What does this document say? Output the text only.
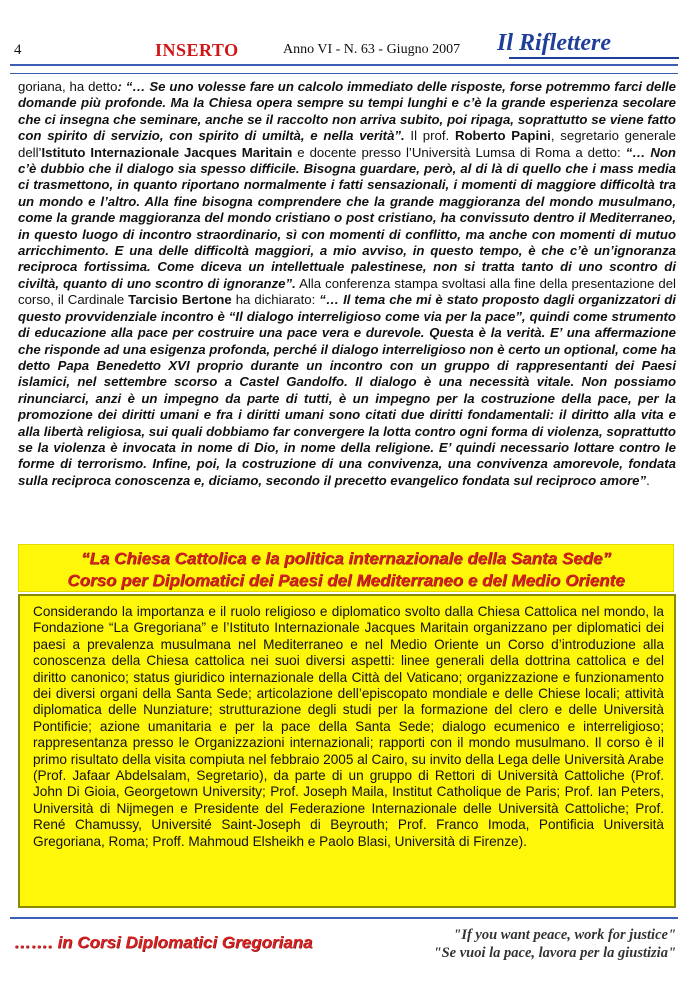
4	INSERTO	Anno VI - N. 63 - Giugno 2007 Il Riflettere
goriana, ha detto: “… Se uno volesse fare un calcolo immediato delle risposte, forse potremmo farci delle domande più profonde. Ma la Chiesa opera sempre su tempi lunghi e c’è la grande esperienza secolare che ci insegna che seminare, anche se il raccolto non arriva subito, poi ripaga, soprattutto se viene fatto con spirito di servizio, con spirito di umiltà, e nella verità”. Il prof. Roberto Papini, segretario generale dell’Istituto Internazionale Jacques Maritain e docente presso l’Università Lumsa di Roma a detto: “… Non c’è dubbio che il dialogo sia spesso difficile. Bisogna guardare, però, al di là di quello che i mass media ci trasmettono, in quanto riportano normalmente i fatti sensazionali, i momenti di maggiore difficoltà tra un mondo e l’altro. Alla fine bisogna comprendere che la grande maggioranza del mondo musulmano, come la grande maggioranza del mondo cristiano o post cristiano, ha convissuto dentro il Mediterraneo, in questo luogo di incontro straordinario, sì con momenti di conflitto, ma anche con momenti di mutuo arricchimento. E una delle difficoltà maggiori, a mio avviso, in questo tempo, è che c’è un’ignoranza reciproca fortissima. Come diceva un intellettuale palestinese, non si tratta tanto di uno scontro di civiltà, quanto di uno scontro di ignoranze”. Alla conferenza stampa svoltasi alla fine della presentazione del corso, il Cardinale Tarcisio Bertone ha dichiarato: “… Il tema che mi è stato proposto dagli organizzatori di questo provvidenziale incontro è “Il dialogo interreligioso come via per la pace”, quindi come strumento di educazione alla pace per costruire una pace vera e durevole. Questa è la verità. E’ una affermazione che risponde ad una esigenza profonda, perché il dialogo interreligioso non è certo un optional, come ha detto Papa Benedetto XVI proprio durante un incontro con un gruppo di rappresentanti dei Paesi islamici, nel settembre scorso a Castel Gandolfo. Il dialogo è una necessità vitale. Non possiamo rinunciarci, anzi è un impegno da parte di tutti, è un impegno per la costruzione della pace, per la promozione dei diritti umani e fra i diritti umani sono citati due diritti fondamentali: il diritto alla vita e alla libertà religiosa, sui quali dobbiamo far convergere la lotta contro ogni forma di violenza, soprattutto se la violenza è invocata in nome di Dio, in nome della religione. E’ quindi necessario lottare contro le forme di terrorismo. Infine, poi, la costruzione di una convivenza, una convivenza amorevole, fondata sulla reciproca conoscenza e, diciamo, secondo il precetto evangelico fondata sul reciproco amore”.
“La Chiesa Cattolica e la politica internazionale della Santa Sede”
Corso per Diplomatici dei Paesi del Mediterraneo e del Medio Oriente
Considerando la importanza e il ruolo religioso e diplomatico svolto dalla Chiesa Cattolica nel mondo, la Fondazione “La Gregoriana” e l’Istituto Internazionale Jacques Maritain organizzano per diplomatici dei paesi a prevalenza musulmana nel Mediterraneo e nel Medio Oriente un Corso d’introduzione alla conoscenza della Chiesa cattolica nei suoi diversi aspetti: linee generali della dottrina cattolica e del diritto canonico; status giuridico internazionale della Città del Vaticano; organizzazione e funzionamento dei diversi organi della Santa Sede; articolazione dell’episcopato mondiale e delle Chiese locali; attività diplomatica delle Nunziature; strutturazione degli studi per la formazione del clero e delle Università Pontificie; azione umanitaria e per la pace della Santa Sede; dialogo ecumenico e interreligioso; rappresentanza presso le Organizzazioni internazionali; rapporti con il mondo musulmano. Il corso è il primo risultato della visita compiuta nel febbraio 2005 al Cairo, su invito della Lega delle Università Arabe (Prof. Jafaar Abdelsalam, Segretario), da parte di un gruppo di Rettori di Università Cattoliche (Prof. John Di Gioia, Georgetown University; Prof. Joseph Maila, Institut Catholique de Paris; Prof. Ian Peters, Università di Nijmegen e Presidente del Federazione Internazionale delle Università Cattoliche; Prof. René Chamussy, Université Saint-Joseph di Beyrouth; Prof. Franco Imoda, Pontificia Università Gregoriana, Roma; Proff. Mahmoud Elsheikh e Paolo Blasi, Università di Firenze).
……. in Corsi Diplomatici Gregoriana	"If you want peace, work for justice"
"Se vuoi la pace, lavora per la giustizia"
